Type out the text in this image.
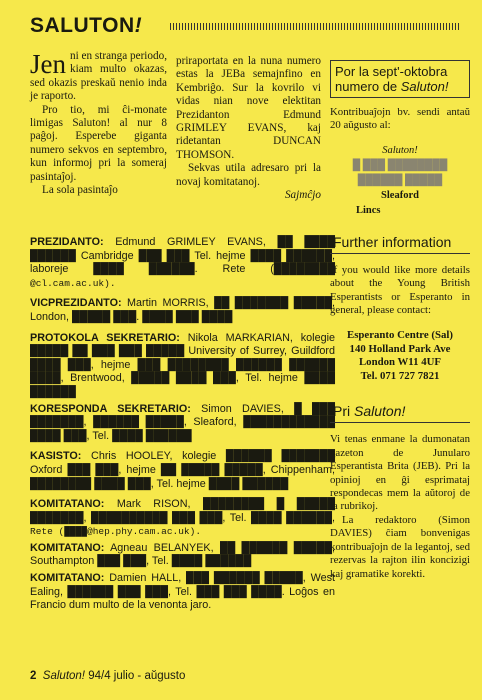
SALUTON!

Jen ni en stranga periodo, kiam multo okazas, sed okazis preskaŭ nenio inda je raporto.

Pro tio, mi ĉi-monate limigas Saluton! al nur 8 paĝoj. Esperebe giganta numero sekvos en septembro, kun informoj pri la someraj pasintaĵoj.

La sola pasintaĵo

priraportata en la nuna numero estas la JEBa semajnfino en Kembriĝo. Sur la kovrilo vi vidas nian nove elektitan Prezidanton Edmund GRIMLEY EVANS, kaj ridetantan DUNCAN THOMSON.

Sekvas utila adresaro pri la novaj komitatanoj.

Sajmĉjo
PREZIDANTO: Edmund GRIMLEY EVANS, ██ ████ ██████ Cambridge ███ ███ Tel. hejme ████ ██████, laboreje ████ ██████. Rete (████████ @cl.cam.ac.uk).
VICPREZIDANTO: Martin MORRIS, ██ ███████ █████, London, █████ ███. ████ ███ ████
PROTOKOLA SEKRETARIO: Nikola MARKARIAN, kolegie █████ ██ ███ ███ █████ University of Surrey, Guildford ████ ███, hejme ███ ████████ ██████ ██████ ████, Brentwood, █████ ████ ███, Tel. hejme ████ ██████
KORESPONDA SEKRETARIO: Simon DAVIES, █ ███ ███████, ██████ █████, Sleaford, ████████████ ████ ███, Tel. ████ ██████
KASISTO: Chris HOOLEY, kolegie ██████ ███████ Oxford ███ ███, hejme ██ █████ █████, Chippenham, ████████ ████ ███, Tel. hejme ████ ██████
KOMITATANO: Mark RISON, ████████ █ █████ ███████, ██████████ ███ ███, Tel. ████ ██████, Rete (████@hep.phy.cam.ac.uk).
KOMITATANO: Agneau BELANYEK, ██ ██████ █████, Southampton ███ ███, Tel. ████ ██████
KOMITATANO: Damien HALL, ███ ██████ █████, West Ealing, ██████ ███ ███, Tel. ███ ███ ████. Loĝos en Francio dum multo de la venonta jaro.
Por la sept'-oktobra numero de Saluton!

Kontribuaĵojn bv. sendi antaŭ 20 aŭgusto al:

Saluton!
█ ███ ████████
██████ █████
Sleaford
Lincs
Further information

If you would like more details about the Young British Esperantists or Esperanto in general, please contact:

Esperanto Centre (Sal)
140 Holland Park Ave
London W11 4UF
Tel. 071 727 7821
Pri Saluton!

Vi tenas enmane la dumonatan gazeton de Junularo Esperantista Brita (JEB). Pri la opinioj en ĝi esprimataj respondecas mem la aŭtoroj de la rubrikoj.

La redaktoro (Simon DAVIES) ĉiam bonvenigas kontribuaĵojn de la legantoj, sed rezervas la rajton ilin koncizigi kaj gramatike korekti.

2 Saluton! 94/4 julio - aŭgusto
